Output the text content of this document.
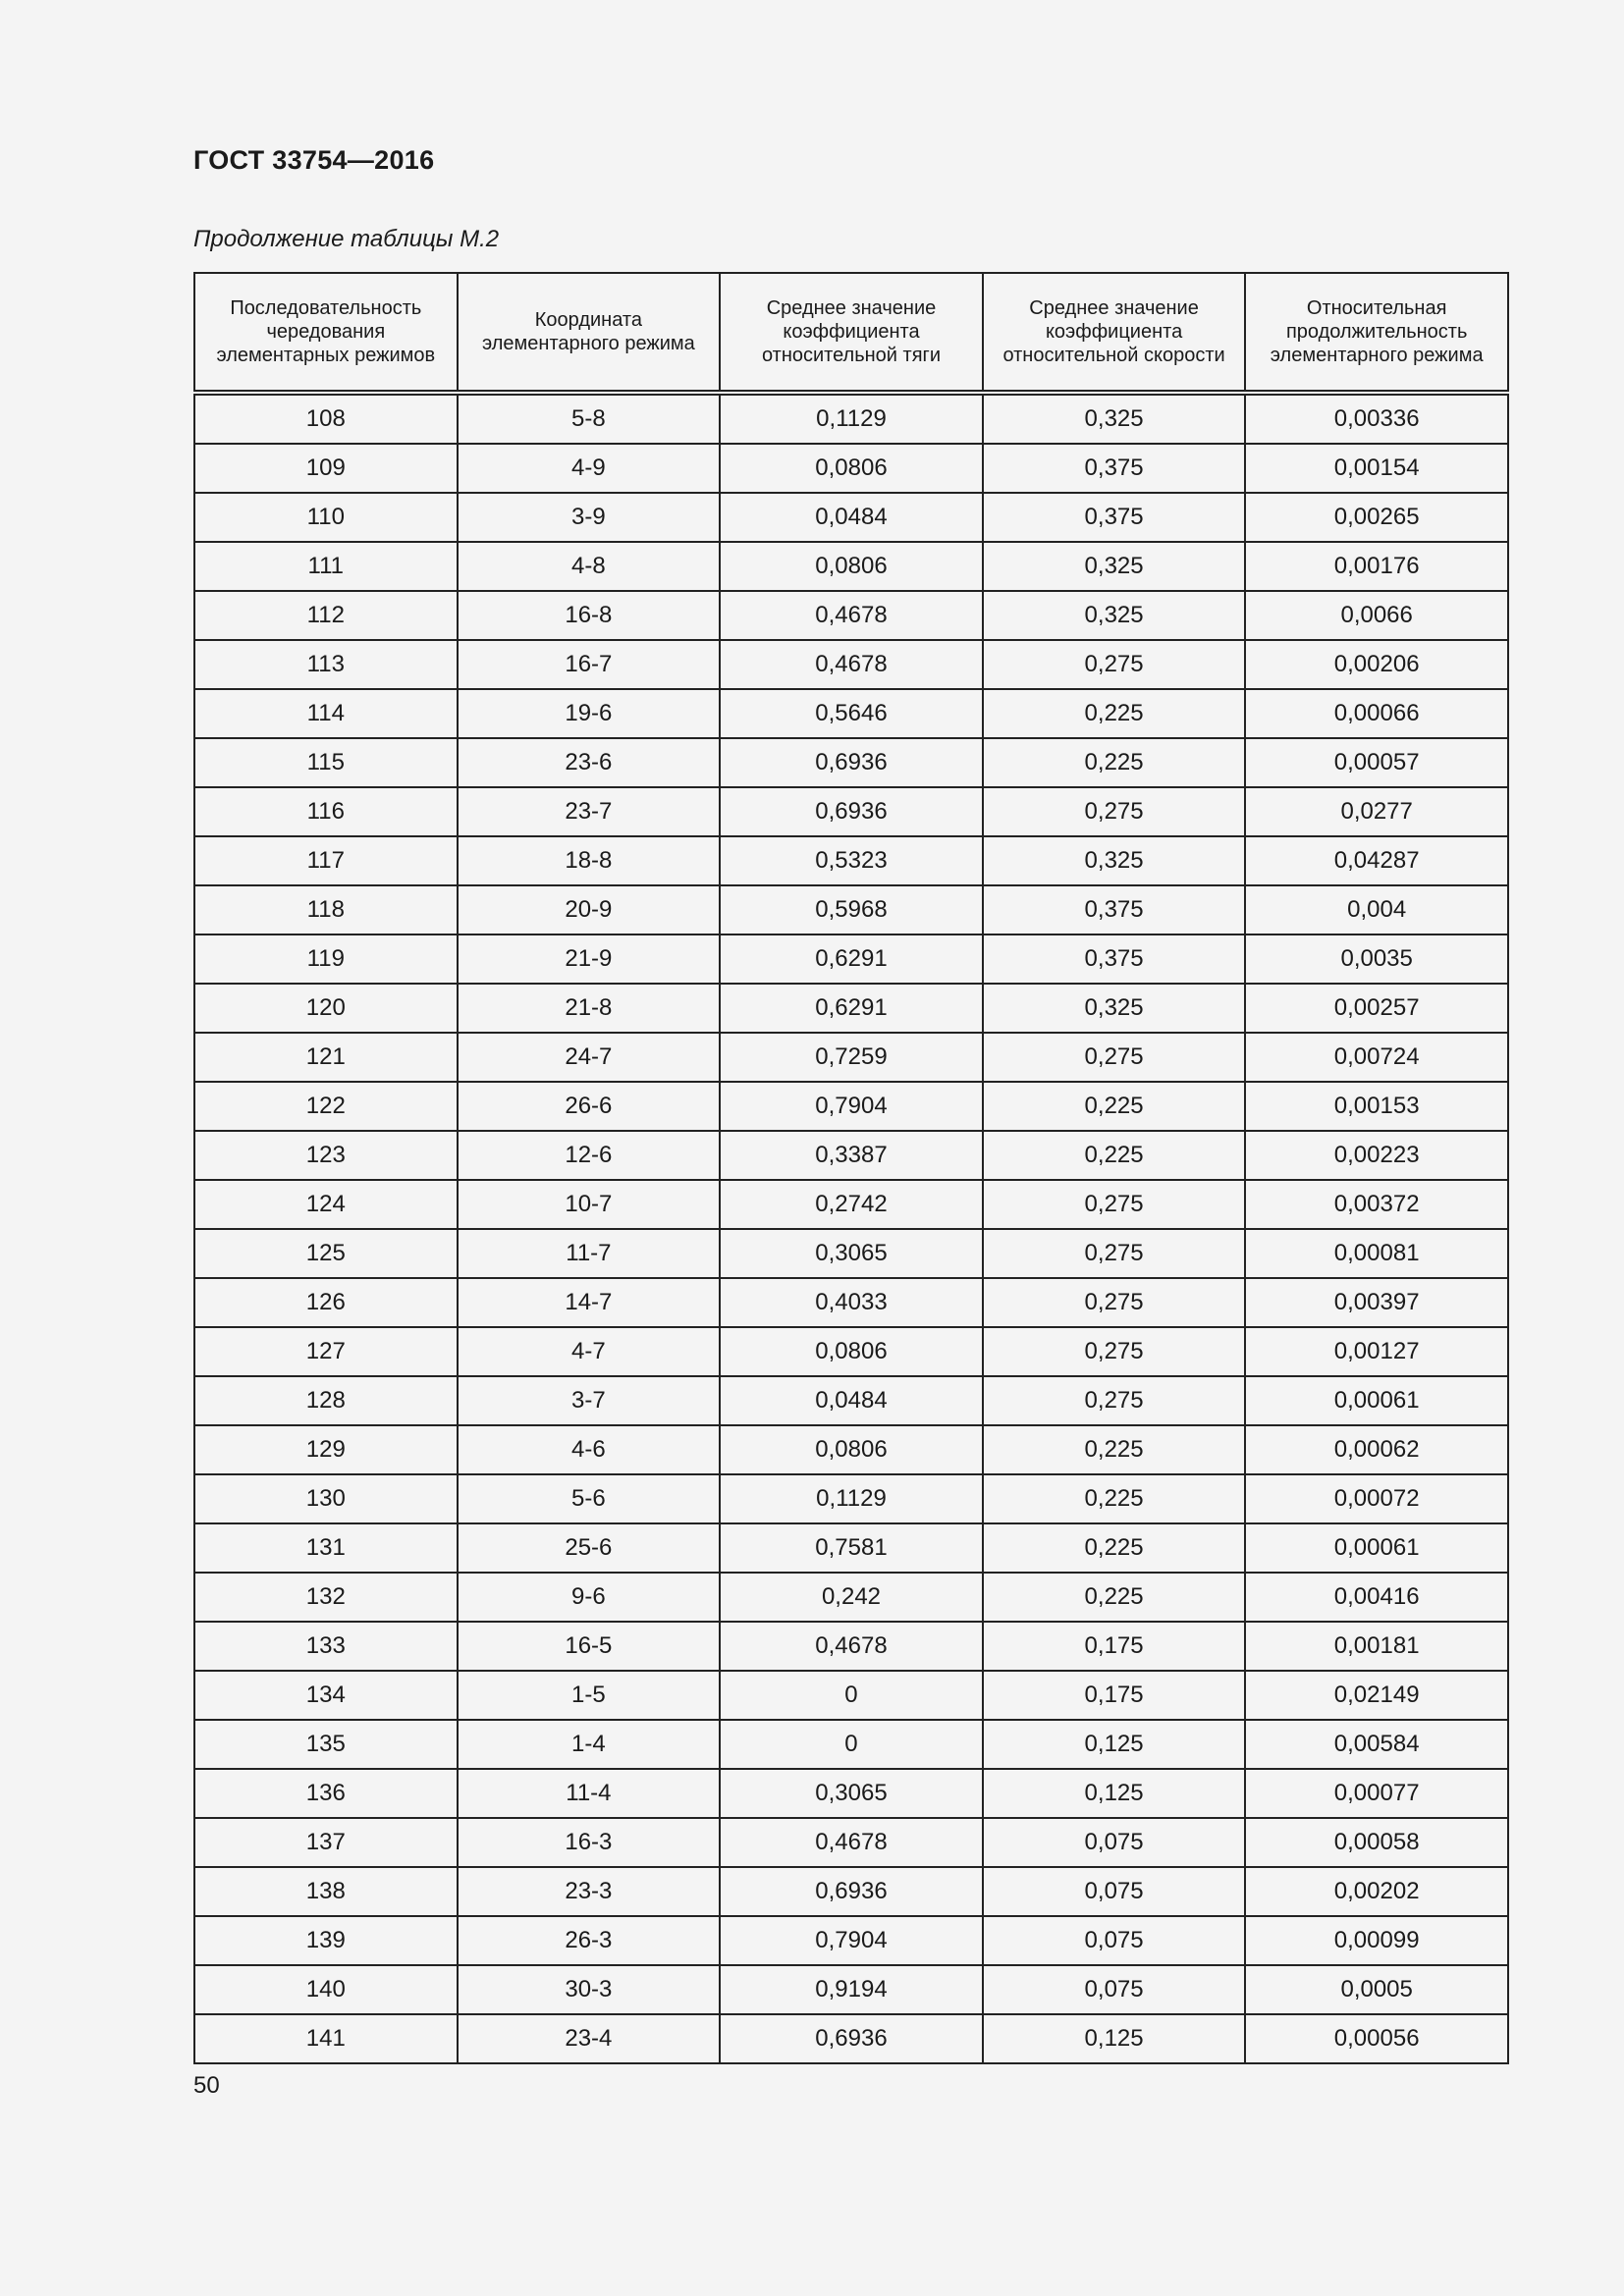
ГОСТ 33754—2016
Продолжение таблицы М.2
Последовательность чередования элементарных режимов	Координата элементарного режима	Среднее значение коэффициента относительной тяги	Среднее значение коэффициента относительной скорости	Относительная продолжительность элементарного режима
108	5-8	0,1129	0,325	0,00336
109	4-9	0,0806	0,375	0,00154
110	3-9	0,0484	0,375	0,00265
111	4-8	0,0806	0,325	0,00176
112	16-8	0,4678	0,325	0,0066
113	16-7	0,4678	0,275	0,00206
114	19-6	0,5646	0,225	0,00066
115	23-6	0,6936	0,225	0,00057
116	23-7	0,6936	0,275	0,0277
117	18-8	0,5323	0,325	0,04287
118	20-9	0,5968	0,375	0,004
119	21-9	0,6291	0,375	0,0035
120	21-8	0,6291	0,325	0,00257
121	24-7	0,7259	0,275	0,00724
122	26-6	0,7904	0,225	0,00153
123	12-6	0,3387	0,225	0,00223
124	10-7	0,2742	0,275	0,00372
125	11-7	0,3065	0,275	0,00081
126	14-7	0,4033	0,275	0,00397
127	4-7	0,0806	0,275	0,00127
128	3-7	0,0484	0,275	0,00061
129	4-6	0,0806	0,225	0,00062
130	5-6	0,1129	0,225	0,00072
131	25-6	0,7581	0,225	0,00061
132	9-6	0,242	0,225	0,00416
133	16-5	0,4678	0,175	0,00181
134	1-5	0	0,175	0,02149
135	1-4	0	0,125	0,00584
136	11-4	0,3065	0,125	0,00077
137	16-3	0,4678	0,075	0,00058
138	23-3	0,6936	0,075	0,00202
139	26-3	0,7904	0,075	0,00099
140	30-3	0,9194	0,075	0,0005
141	23-4	0,6936	0,125	0,00056
50
